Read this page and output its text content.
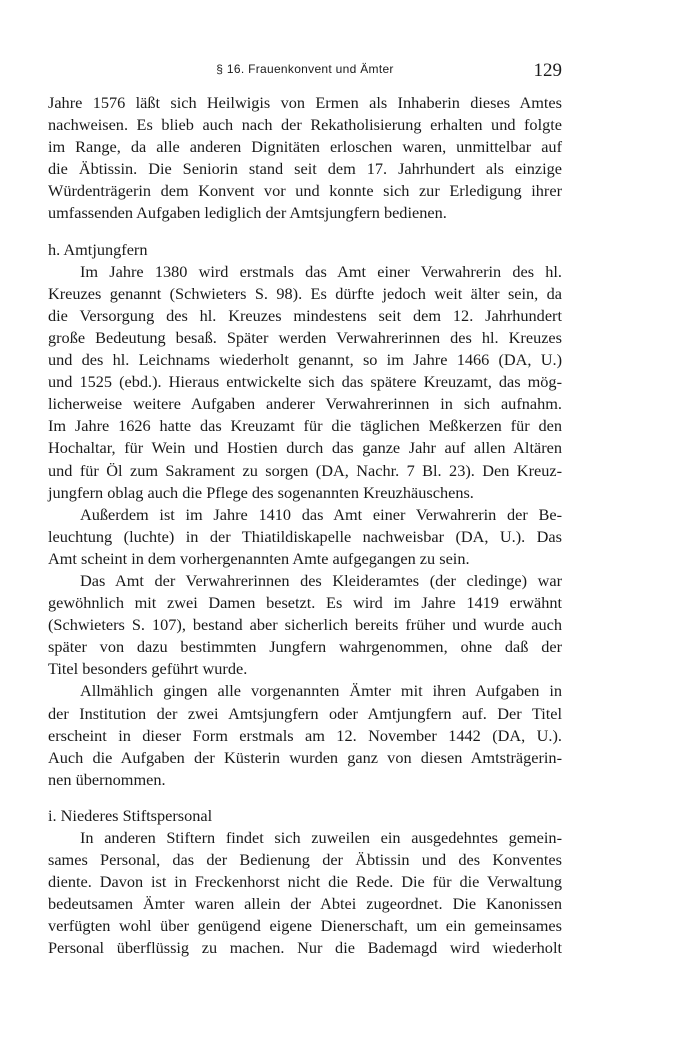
§ 16. Frauenkonvent und Ämter	129
Jahre 1576 läßt sich Heilwigis von Ermen als Inhaberin dieses Amtes
nachweisen. Es blieb auch nach der Rekatholisierung erhalten und folgte
im Range, da alle anderen Dignitäten erloschen waren, unmittelbar auf
die Äbtissin. Die Seniorin stand seit dem 17. Jahrhundert als einzige
Würdenträgerin dem Konvent vor und konnte sich zur Erledigung ihrer
umfassenden Aufgaben lediglich der Amtsjungfern bedienen.
h. Amtjungfern
Im Jahre 1380 wird erstmals das Amt einer Verwahrerin des hl.
Kreuzes genannt (Schwieters S. 98). Es dürfte jedoch weit älter sein, da
die Versorgung des hl. Kreuzes mindestens seit dem 12. Jahrhundert
große Bedeutung besaß. Später werden Verwahrerinnen des hl. Kreuzes
und des hl. Leichnams wiederholt genannt, so im Jahre 1466 (DA, U.)
und 1525 (ebd.). Hieraus entwickelte sich das spätere Kreuzamt, das mög-
licherweise weitere Aufgaben anderer Verwahrerinnen in sich aufnahm.
Im Jahre 1626 hatte das Kreuzamt für die täglichen Meßkerzen für den
Hochaltar, für Wein und Hostien durch das ganze Jahr auf allen Altären
und für Öl zum Sakrament zu sorgen (DA, Nachr. 7 Bl. 23). Den Kreuz-
jungfern oblag auch die Pflege des sogenannten Kreuzhäuschens.
Außerdem ist im Jahre 1410 das Amt einer Verwahrerin der Be-
leuchtung (luchte) in der Thiatildiskapelle nachweisbar (DA, U.). Das
Amt scheint in dem vorhergenannten Amte aufgegangen zu sein.
Das Amt der Verwahrerinnen des Kleideramtes (der cledinge) war
gewöhnlich mit zwei Damen besetzt. Es wird im Jahre 1419 erwähnt
(Schwieters S. 107), bestand aber sicherlich bereits früher und wurde auch
später von dazu bestimmten Jungfern wahrgenommen, ohne daß der
Titel besonders geführt wurde.
Allmählich gingen alle vorgenannten Ämter mit ihren Aufgaben in
der Institution der zwei Amtsjungfern oder Amtjungfern auf. Der Titel
erscheint in dieser Form erstmals am 12. November 1442 (DA, U.).
Auch die Aufgaben der Küsterin wurden ganz von diesen Amtsträgerin-
nen übernommen.
i. Niederes Stiftspersonal
In anderen Stiftern findet sich zuweilen ein ausgedehntes gemein-
sames Personal, das der Bedienung der Äbtissin und des Konventes
diente. Davon ist in Freckenhorst nicht die Rede. Die für die Verwaltung
bedeutsamen Ämter waren allein der Abtei zugeordnet. Die Kanonissen
verfügten wohl über genügend eigene Dienerschaft, um ein gemeinsames
Personal überflüssig zu machen. Nur die Bademagd wird wiederholt
